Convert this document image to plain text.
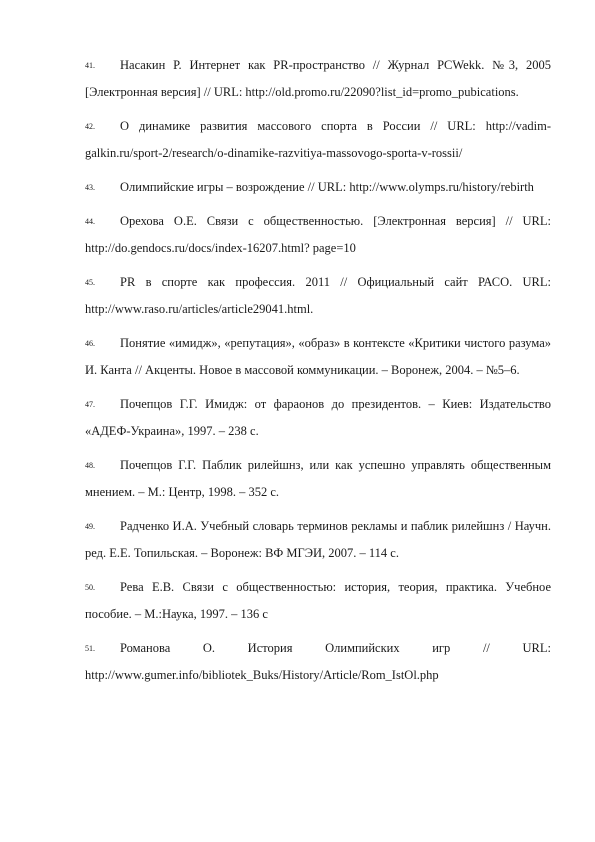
41. Насакин Р. Интернет как PR-пространство // Журнал PCWekk. №3, 2005 [Электронная версия] // URL: http://old.promo.ru/22090?list_id=promo_pubications.

42. О динамике развития массового спорта в России // URL: http://vadim-galkin.ru/sport-2/research/o-dinamike-razvitiya-massovogo-sporta-v-rossii/

43. Олимпийские игры – возрождение // URL: http://www.olymps.ru/history/rebirth

44. Орехова О.Е. Связи с общественностью. [Электронная версия] // URL: http://do.gendocs.ru/docs/index-16207.html? page=10

45. PR в спорте как профессия. 2011 // Официальный сайт РАСО. URL: http://www.raso.ru/articles/article29041.html.

46. Понятие «имидж», «репутация», «образ» в контексте «Критики чистого разума» И. Канта // Акценты. Новое в массовой коммуникации. – Воронеж, 2004. – №5–6.

47. Почепцов Г.Г. Имидж: от фараонов до президентов. – Киев: Издательство «АДЕФ-Украина», 1997. – 238 с.

48. Почепцов Г.Г. Паблик рилейшнз, или как успешно управлять общественным мнением. – М.: Центр, 1998. – 352 с.

49. Радченко И.А. Учебный словарь терминов рекламы и паблик рилейшнз / Научн. ред. Е.Е. Топильская. – Воронеж: ВФ МГЭИ, 2007. – 114 с.

50. Рева Е.В. Связи с общественностью: история, теория, практика. Учебное пособие. – М.:Наука, 1997. – 136 с

51. Романова О. История Олимпийских игр // URL: http://www.gumer.info/bibliotek_Buks/History/Article/Rom_IstOl.php
